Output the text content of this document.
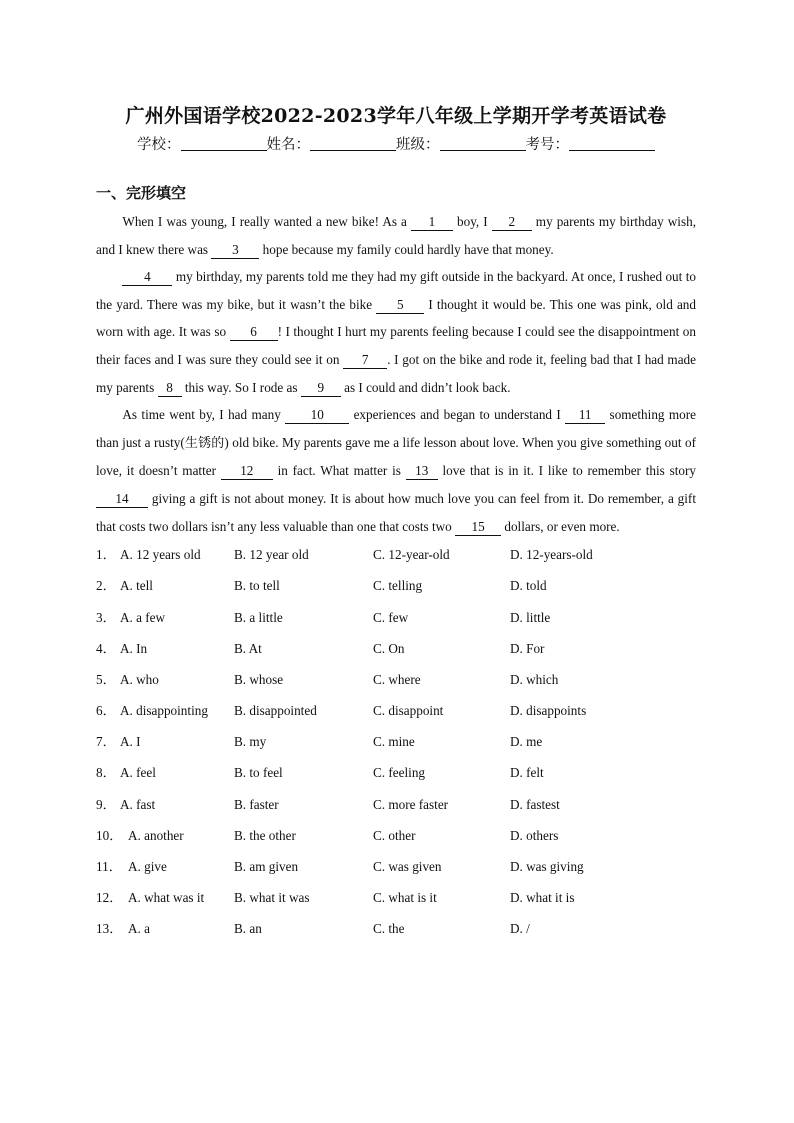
广州外国语学校2022-2023学年八年级上学期开学考英语试卷
学校：	姓名：	班级：	考号：
一、完形填空

When I was young, I really wanted a new bike! As a 1 boy, I 2 my parents my birthday wish, and I knew there was 3 hope because my family could hardly have that money.

4 my birthday, my parents told me they had my gift outside in the backyard. At once, I rushed out to the yard. There was my bike, but it wasn’t the bike 5 I thought it would be. This one was pink, old and worn with age. It was so 6 ! I thought I hurt my parents feeling because I could see the disappointment on their faces and I was sure they could see it on 7 . I got on the bike and rode it, feeling bad that I had made my parents 8 this way. So I rode as 9 as I could and didn’t look back.

As time went by, I had many 10 experiences and began to understand I 11 something more than just a rusty(生锈的) old bike. My parents gave me a life lesson about love. When you give something out of love, it doesn’t matter 12 in fact. What matter is 13 love that is in it. I like to remember this story 14 giving a gift is not about money. It is about how much love you can feel from it. Do remember, a gift that costs two dollars isn’t any less valuable than one that costs two 15 dollars, or even more.

1． A. 12 years old	B. 12 year old	C. 12-year-old	D. 12-years-old
2． A. tell	B. to tell	C. telling	D. told
3． A. a few	B. a little	C. few	D. little
4． A. In	B. At	C. On	D. For
5． A. who	B. whose	C. where	D. which
6． A. disappointing B. disappointed	C. disappoint	D. disappoints
7． A. I	B. my	C. mine	D. me
8． A. feel	B. to feel	C. feeling	D. felt
9． A. fast	B. faster	C. more faster	D. fastest
10． A. another	B. the other	C. other	D. others
11． A. give	B. am given	C. was given	D. was giving
12． A. what was it B. what it was	C. what is it	D. what it is
13． A. a	B. an	C. the	D. /
